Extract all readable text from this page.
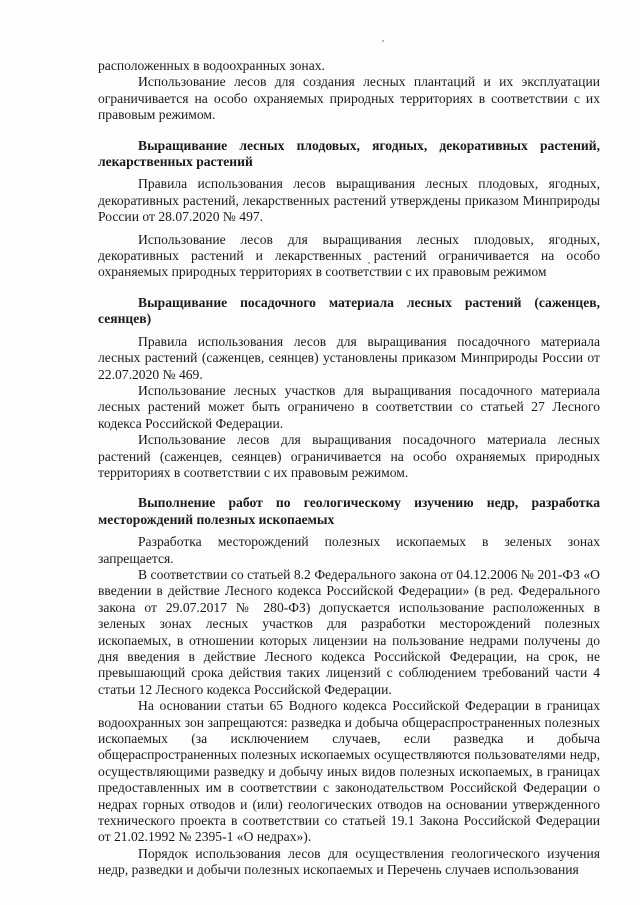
расположенных в водоохранных зонах.

Использование лесов для создания лесных плантаций и их эксплуатации ограничивается на особо охраняемых природных территориях в соответствии с их правовым режимом.

Выращивание лесных плодовых, ягодных, декоративных растений, лекарственных растений

Правила использования лесов выращивания лесных плодовых, ягодных, декоративных растений, лекарственных растений утверждены приказом Минприроды России от 28.07.2020 № 497.

Использование лесов для выращивания лесных плодовых, ягодных, декоративных растений и лекарственных растений ограничивается на особо охраняемых природных территориях в соответствии с их правовым режимом

Выращивание посадочного материала лесных растений (саженцев, сеянцев)

Правила использования лесов для выращивания посадочного материала лесных растений (саженцев, сеянцев) установлены приказом Минприроды России от 22.07.2020 № 469.

Использование лесных участков для выращивания посадочного материала лесных растений может быть ограничено в соответствии со статьей 27 Лесного кодекса Российской Федерации.

Использование лесов для выращивания посадочного материала лесных растений (саженцев, сеянцев) ограничивается на особо охраняемых природных территориях в соответствии с их правовым режимом.

Выполнение работ по геологическому изучению недр, разработка месторождений полезных ископаемых

Разработка месторождений полезных ископаемых в зеленых зонах запрещается.

В соответствии со статьей 8.2 Федерального закона от 04.12.2006 № 201-ФЗ «О введении в действие Лесного кодекса Российской Федерации» (в ред. Федерального закона от 29.07.2017 № 280-ФЗ) допускается использование расположенных в зеленых зонах лесных участков для разработки месторождений полезных ископаемых, в отношении которых лицензии на пользование недрами получены до дня введения в действие Лесного кодекса Российской Федерации, на срок, не превышающий срока действия таких лицензий с соблюдением требований части 4 статьи 12 Лесного кодекса Российской Федерации.

На основании статьи 65 Водного кодекса Российской Федерации в границах водоохранных зон запрещаются: разведка и добыча общераспространенных полезных ископаемых (за исключением случаев, если разведка и добыча общераспространенных полезных ископаемых осуществляются пользователями недр, осуществляющими разведку и добычу иных видов полезных ископаемых, в границах предоставленных им в соответствии с законодательством Российской Федерации о недрах горных отводов и (или) геологических отводов на основании утвержденного технического проекта в соответствии со статьей 19.1 Закона Российской Федерации от 21.02.1992 № 2395-1 «О недрах»).

Порядок использования лесов для осуществления геологического изучения недр, разведки и добычи полезных ископаемых и Перечень случаев использования
